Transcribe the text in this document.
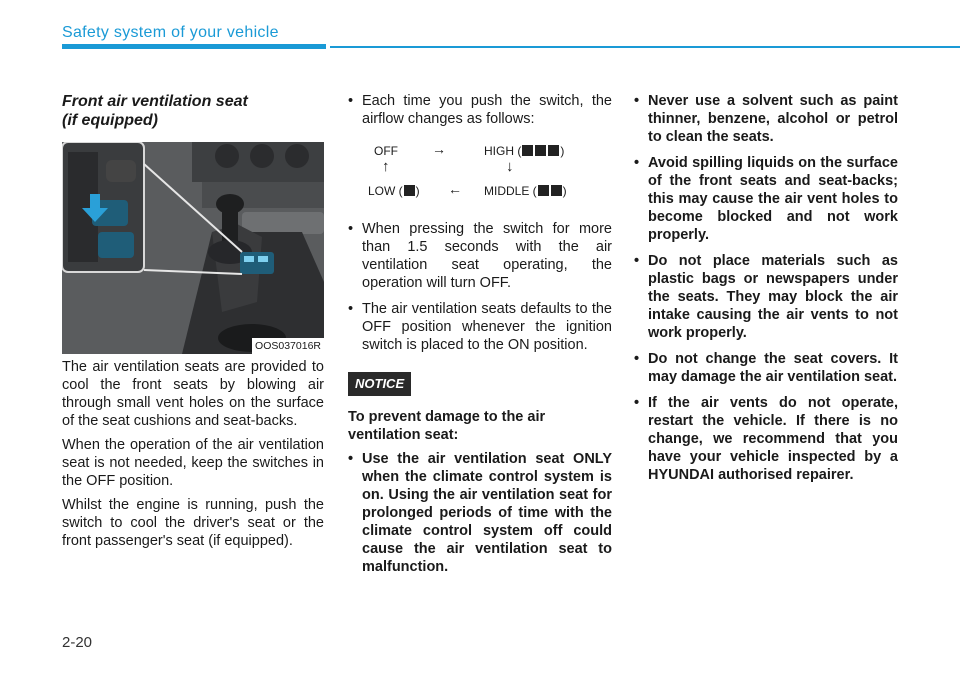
Safety system of your vehicle
Front air ventilation seat
(if equipped)
OOS037016R

The air ventilation seats are provided to cool the front seats by blowing air through small vent holes on the surface of the seat cushions and seat-backs.

When the operation of the air ventilation seat is not needed, keep the switches in the OFF position.

Whilst the engine is running, push the switch to cool the driver's seat or the front passenger's seat (if equipped).

• Each time you push the switch, the airflow changes as follows:
OFF →	HIGH (	)
↑	↓
LOW ( ) ← MIDDLE ( )
• When pressing the switch for more than 1.5 seconds with the air ventilation seat operating, the operation will turn OFF.
• The air ventilation seats defaults to the OFF position whenever the ignition switch is placed to the ON position.
NOTICE
To prevent damage to the air ventilation seat:
• Use the air ventilation seat ONLY when the climate control system is on. Using the air ventilation seat for prolonged periods of time with the climate control system off could cause the air ventilation seat to malfunction.
• Never use a solvent such as paint thinner, benzene, alcohol or petrol to clean the seats.
• Avoid spilling liquids on the surface of the front seats and seat-backs; this may cause the air vent holes to become blocked and not work properly.
• Do not place materials such as plastic bags or newspapers under the seats. They may block the air intake causing the air vents to not work properly.
• Do not change the seat covers. It may damage the air ventilation seat.
• If the air vents do not operate, restart the vehicle. If there is no change, we recommend that you have your vehicle inspected by a HYUNDAI authorised repairer.
2-20
